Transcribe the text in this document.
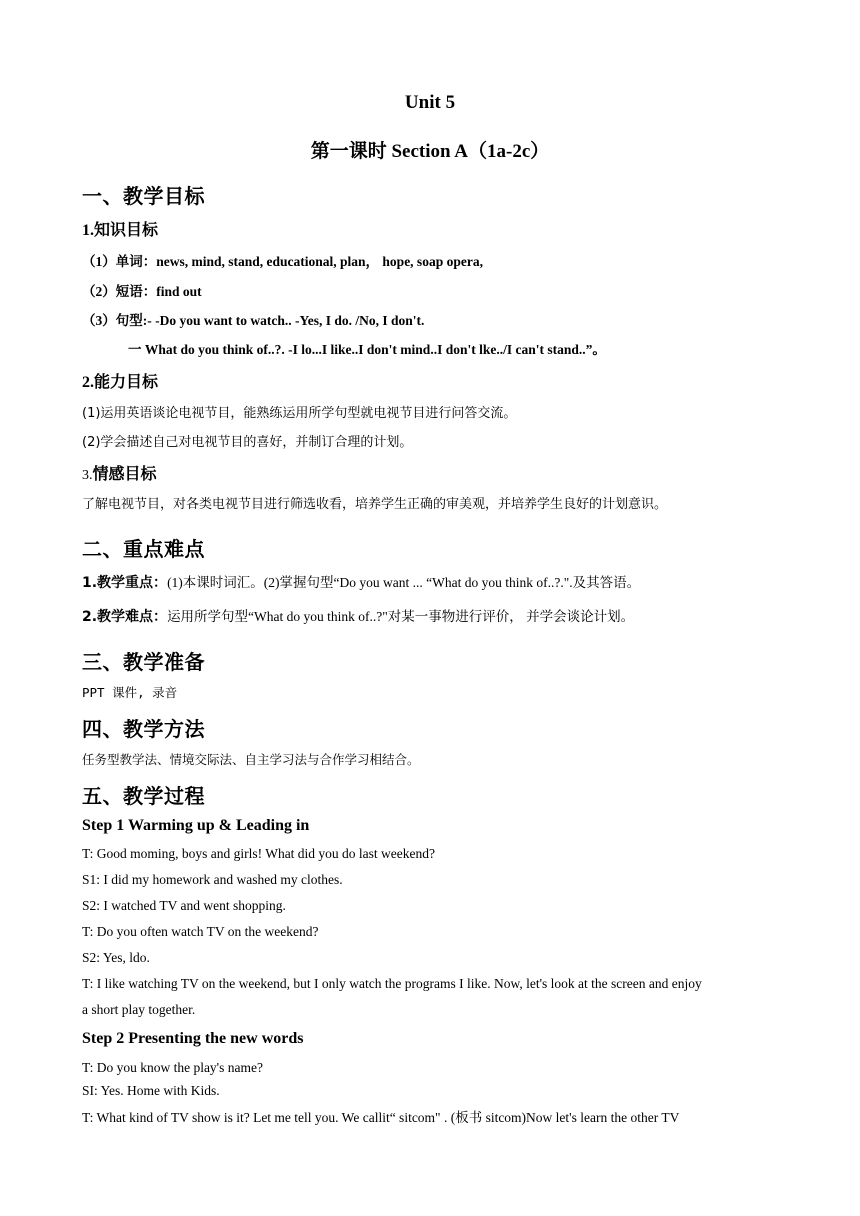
Unit 5
第一课时 Section A（1a-2c）
一、教学目标
1.知识目标
（1）单词：news, mind, stand, educational, plan， hope, soap opera,
（2）短语：find out
（3）句型:- -Do you want to watch.. -Yes, I do. /No, I don't.
一 What do you think of..?. -I lo...I like..I don't mind..I don't lke../I can't stand..”。
2.能力目标
(1)运用英语谈论电视节目，能熟练运用所学句型就电视节目进行问答交流。
(2)学会描述自己对电视节目的喜好，并制订合理的计划。
3.情感目标
了解电视节目，对各类电视节目进行筛选收看，培养学生正确的审美观，并培养学生良好的计划意识。
二、重点难点
1.教学重点：(1)本课时词汇。(2)掌握句型“Do you want ... “What do you think of..?.".及其答语。
2.教学难点：运用所学句型“What do you think of..?"对某一事物进行评价， 并学会谈论计划。
三、教学准备
PPT 课件, 录音
四、教学方法
任务型教学法、情境交际法、自主学习法与合作学习相结合。
五、教学过程
Step 1 Warming up & Leading in
T: Good moming, boys and girls! What did you do last weekend?
S1: I did my homework and washed my clothes.
S2: I watched TV and went shopping.
T: Do you often watch TV on the weekend?
S2: Yes, ldo.
T: I like watching TV on the weekend, but I only watch the programs I like. Now, let's look at the screen and enjoy
a short play together.
Step 2 Presenting the new words
T: Do you know the play's name?
SI: Yes. Home with Kids.
T: What kind of TV show is it? Let me tell you. We callit“ sitcom" . (板书 sitcom)Now let's learn the other TV
